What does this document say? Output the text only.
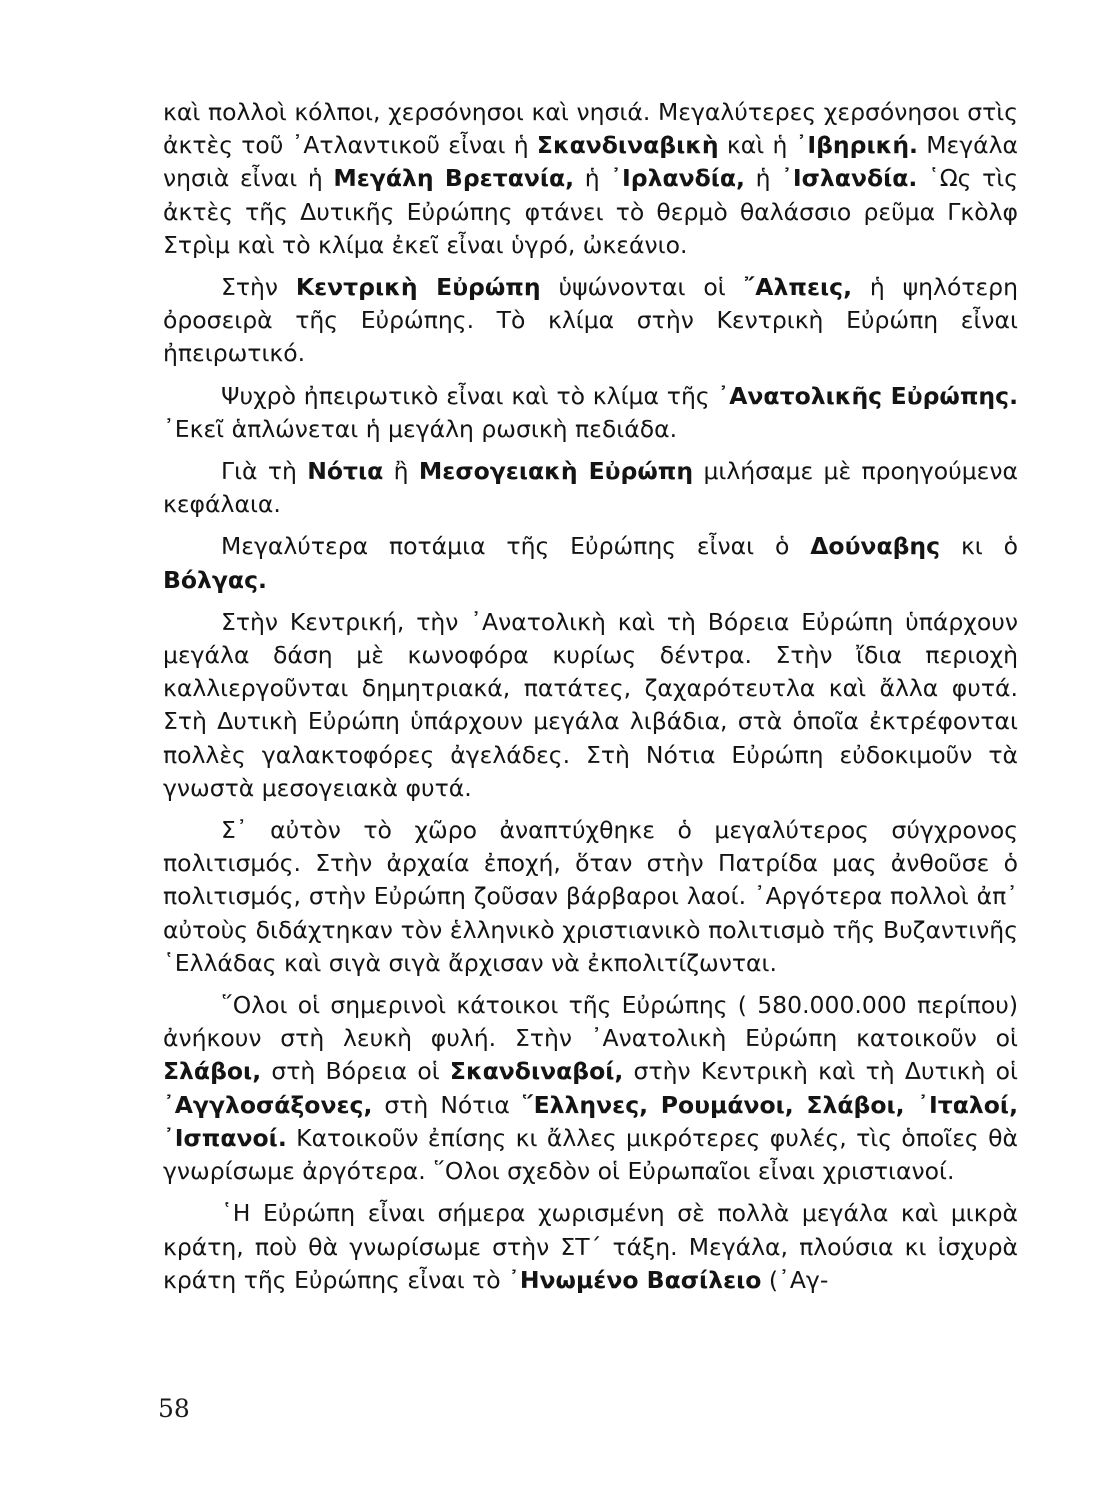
καὶ πολλοὶ κόλποι, χερσόνησοι καὶ νησιά. Μεγαλύτερες χερσόνησοι στὶς ἀκτὲς τοῦ ᾿Ατλαντικοῦ εἶναι ἡ Σκανδιναβικὴ καὶ ἡ ᾿Ιβηρική. Μεγάλα νησιὰ εἶναι ἡ Μεγάλη Βρετανία, ἡ ᾿Ιρλανδία, ἡ ᾿Ισλανδία. ῾Ως τὶς ἀκτὲς τῆς Δυτικῆς Εὐρώπης φτάνει τὸ θερμὸ θαλάσσιο ρεῦμα Γκὸλφ Στρὶμ καὶ τὸ κλίμα ἐκεῖ εἶναι ὑγρό, ὠκεάνιο.

Στὴν Κεντρικὴ Εὐρώπη ὑψώνονται οἱ ῎Αλπεις, ἡ ψηλότερη ὀροσειρὰ τῆς Εὐρώπης. Τὸ κλίμα στὴν Κεντρικὴ Εὐρώπη εἶναι ἠπειρωτικό.

Ψυχρὸ ἠπειρωτικὸ εἶναι καὶ τὸ κλίμα τῆς ᾿Ανατολικῆς Εὐρώπης. ᾿Εκεῖ ἁπλώνεται ἡ μεγάλη ρωσικὴ πεδιάδα.

Γιὰ τὴ Νότια ἢ Μεσογειακὴ Εὐρώπη μιλήσαμε μὲ προηγούμενα κεφάλαια.

Μεγαλύτερα ποτάμια τῆς Εὐρώπης εἶναι ὁ Δούναβης κι ὁ Βόλγας.

Στὴν Κεντρική, τὴν ᾿Ανατολικὴ καὶ τὴ Βόρεια Εὐρώπη ὑπάρχουν μεγάλα δάση μὲ κωνοφόρα κυρίως δέντρα. Στὴν ἴδια περιοχὴ καλλιεργοῦνται δημητριακά, πατάτες, ζαχαρότευτλα καὶ ἄλλα φυτά. Στὴ Δυτικὴ Εὐρώπη ὑπάρχουν μεγάλα λιβάδια, στὰ ὁποῖα ἐκτρέφονται πολλὲς γαλακτοφόρες ἀγελάδες. Στὴ Νότια Εὐρώπη εὐδοκιμοῦν τὰ γνωστὰ μεσογειακὰ φυτά.

Σ᾿ αὐτὸν τὸ χῶρο ἀναπτύχθηκε ὁ μεγαλύτερος σύγχρονος πολιτισμός. Στὴν ἀρχαία ἐποχή, ὅταν στὴν Πατρίδα μας ἀνθοῦσε ὁ πολιτισμός, στὴν Εὐρώπη ζοῦσαν βάρβαροι λαοί. ᾿Αργότερα πολλοὶ ἀπ᾿ αὐτοὺς διδάχτηκαν τὸν ἑλληνικὸ χριστιανικὸ πολιτισμὸ τῆς Βυζαντινῆς ῾Ελλάδας καὶ σιγὰ σιγὰ ἄρχισαν νὰ ἐκπολιτίζωνται.

῞Ολοι οἱ σημερινοὶ κάτοικοι τῆς Εὐρώπης ( 580.000.000 περίπου) ἀνήκουν στὴ λευκὴ φυλή. Στὴν ᾿Ανατολικὴ Εὐρώπη κατοικοῦν οἱ Σλάβοι, στὴ Βόρεια οἱ Σκανδιναβοί, στὴν Κεντρικὴ καὶ τὴ Δυτικὴ οἱ ᾿Αγγλοσάξονες, στὴ Νότια ῞Ελληνες, Ρουμάνοι, Σλάβοι, ᾿Ιταλοί, ᾿Ισπανοί. Κατοικοῦν ἐπίσης κι ἄλλες μικρότερες φυλές, τὶς ὁποῖες θὰ γνωρίσωμε ἀργότερα. ῞Ολοι σχεδὸν οἱ Εὐρωπαῖοι εἶναι χριστιανοί.

῾Η Εὐρώπη εἶναι σήμερα χωρισμένη σὲ πολλὰ μεγάλα καὶ μικρὰ κράτη, ποὺ θὰ γνωρίσωμε στὴν ΣΤ΄ τάξη. Μεγάλα, πλούσια κι ἰσχυρὰ κράτη τῆς Εὐρώπης εἶναι τὸ ᾿Ηνωμένο Βασίλειο (᾿Αγ-

58
